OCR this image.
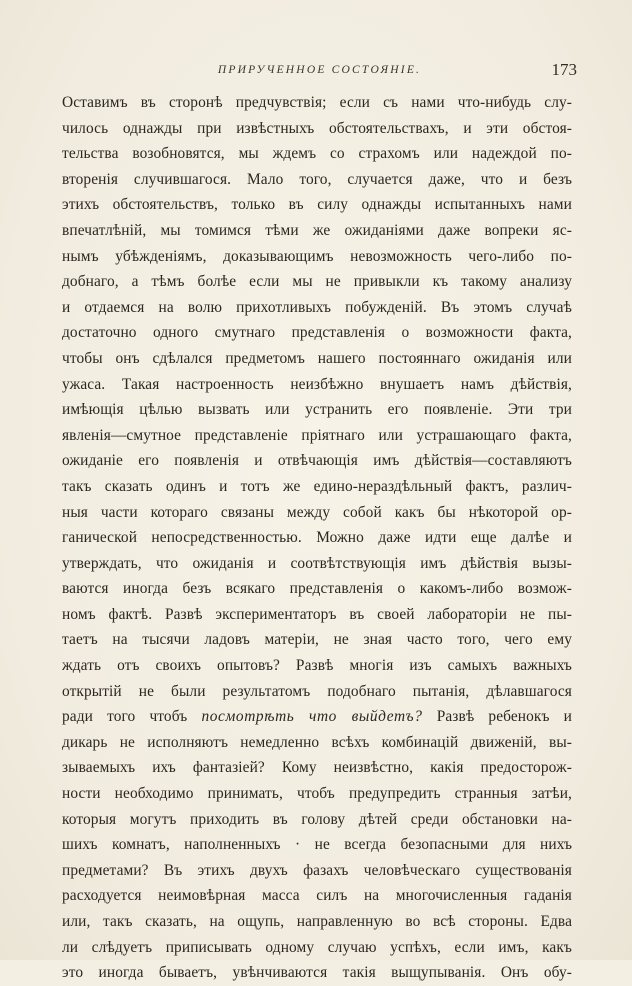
ПРИРУЧЕННОЕ СОСТОЯНІЕ.	173
Оставимъ въ сторонѣ предчувствія; если съ нами что-нибудь слу-
чилось однажды при извѣстныхъ обстоятельствахъ, и эти обстоя-
тельства возобновятся, мы ждемъ со страхомъ или надеждой по-
вторенія случившагося. Мало того, случается даже, что и безъ
этихъ обстоятельствъ, только въ силу однажды испытанныхъ нами
впечатлѣній, мы томимся тѣми же ожиданіями даже вопреки яс-
нымъ убѣжденіямъ, доказывающимъ невозможность чего-либо по-
добнаго, а тѣмъ болѣе если мы не привыкли къ такому анализу
и отдаемся на волю прихотливыхъ побужденій. Въ этомъ случаѣ
достаточно одного смутнаго представленія о возможности факта,
чтобы онъ сдѣлался предметомъ нашего постояннаго ожиданія или
ужаса. Такая настроенность неизбѣжно внушаетъ намъ дѣйствія,
имѣющія цѣлью вызвать или устранить его появленіе. Эти три
явленія—смутное представленіе пріятнаго или устрашающаго факта,
ожиданіе его появленія и отвѣчающія имъ дѣйствія—составляютъ
такъ сказать одинъ и тотъ же едино-нераздѣльный фактъ, различ-
ныя части котораго связаны между собой какъ бы нѣкоторой ор-
ганической непосредственностью. Можно даже идти еще далѣе и
утверждать, что ожиданія и соотвѣтствующія имъ дѣйствія вызы-
ваются иногда безъ всякаго представленія о какомъ-либо возмож-
номъ фактѣ. Развѣ экспериментаторъ въ своей лабораторіи не пы-
таетъ на тысячи ладовъ матеріи, не зная часто того, чего ему
ждать отъ своихъ опытовъ? Развѣ многія изъ самыхъ важныхъ
открытій не были результатомъ подобнаго пытанія, дѣлавшагося
ради того чтобъ посмотрѣть что выйдетъ? Развѣ ребенокъ и
дикарь не исполняютъ немедленно всѣхъ комбинацій движеній, вы-
зываемыхъ ихъ фантазіей? Кому неизвѣстно, какія предосторож-
ности необходимо принимать, чтобъ предупредить странныя затѣи,
которыя могутъ приходить въ голову дѣтей среди обстановки на-
шихъ комнатъ, наполненныхъ · не всегда безопасными для нихъ
предметами? Въ этихъ двухъ фазахъ человѣческаго существованія
расходуется неимовѣрная масса силъ на многочисленныя гаданія
или, такъ сказать, на ощупь, направленную во всѣ стороны. Едва
ли слѣдуетъ приписывать одному случаю успѣхъ, если имъ, какъ
это иногда бываетъ, увѣнчиваются такія выщупыванія. Онъ обу-
